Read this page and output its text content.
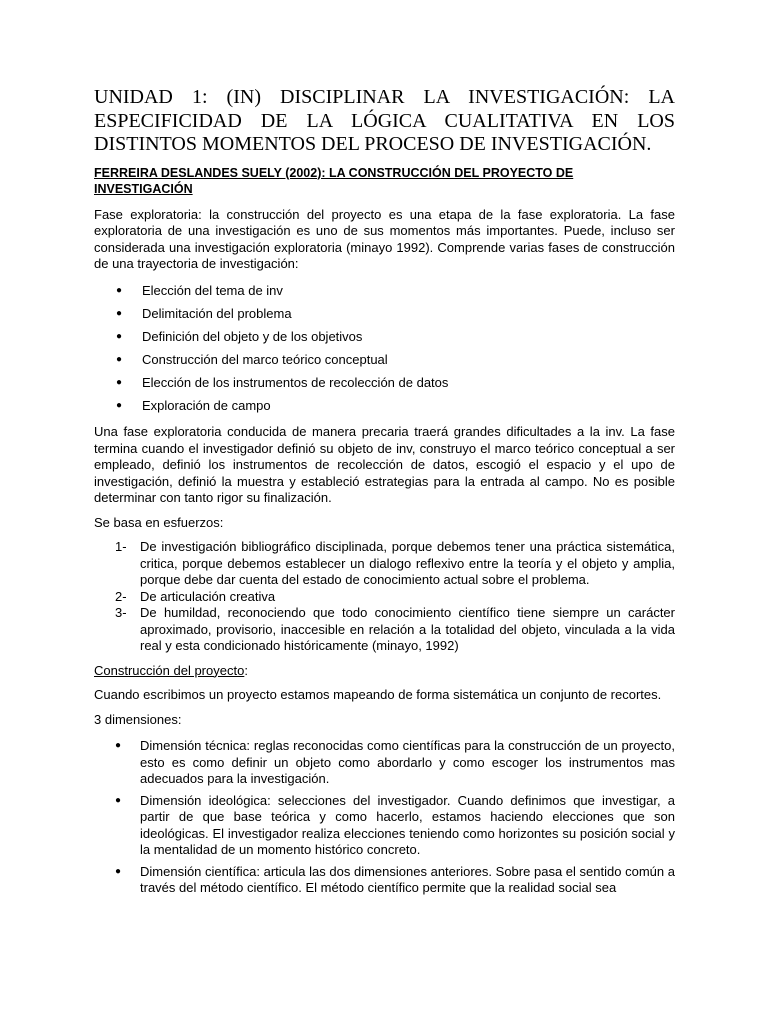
UNIDAD 1: (IN) DISCIPLINAR LA INVESTIGACIÓN: LA ESPECIFICIDAD DE LA LÓGICA CUALITATIVA EN LOS DISTINTOS MOMENTOS DEL PROCESO DE INVESTIGACIÓN.
FERREIRA DESLANDES SUELY (2002): LA CONSTRUCCIÓN DEL PROYECTO DE INVESTIGACIÓN

Fase exploratoria: la construcción del proyecto es una etapa de la fase exploratoria. La fase exploratoria de una investigación es uno de sus momentos más importantes. Puede, incluso ser considerada una investigación exploratoria (minayo 1992). Comprende varias fases de construcción de una trayectoria de investigación:

● Elección del tema de inv
● Delimitación del problema
● Definición del objeto y de los objetivos
● Construcción del marco teórico conceptual
● Elección de los instrumentos de recolección de datos
● Exploración de campo

Una fase exploratoria conducida de manera precaria traerá grandes dificultades a la inv. La fase termina cuando el investigador definió su objeto de inv, construyo el marco teórico conceptual a ser empleado, definió los instrumentos de recolección de datos, escogió el espacio y el upo de investigación, definió la muestra y estableció estrategias para la entrada al campo. No es posible determinar con tanto rigor su finalización.

Se basa en esfuerzos:

1- De investigación bibliográfico disciplinada, porque debemos tener una práctica sistemática, critica, porque debemos establecer un dialogo reflexivo entre la teoría y el objeto y amplia, porque debe dar cuenta del estado de conocimiento actual sobre el problema.
2- De articulación creativa
3- De humildad, reconociendo que todo conocimiento científico tiene siempre un carácter aproximado, provisorio, inaccesible en relación a la totalidad del objeto, vinculada a la vida real y esta condicionado históricamente (minayo, 1992)

Construcción del proyecto:

Cuando escribimos un proyecto estamos mapeando de forma sistemática un conjunto de recortes.

3 dimensiones:

● Dimensión técnica: reglas reconocidas como científicas para la construcción de un proyecto, esto es como definir un objeto como abordarlo y como escoger los instrumentos mas adecuados para la investigación.
● Dimensión ideológica: selecciones del investigador. Cuando definimos que investigar, a partir de que base teórica y como hacerlo, estamos haciendo elecciones que son ideológicas. El investigador realiza elecciones teniendo como horizontes su posición social y la mentalidad de un momento histórico concreto.
● Dimensión científica: articula las dos dimensiones anteriores. Sobre pasa el sentido común a través del método científico. El método científico permite que la realidad social sea
